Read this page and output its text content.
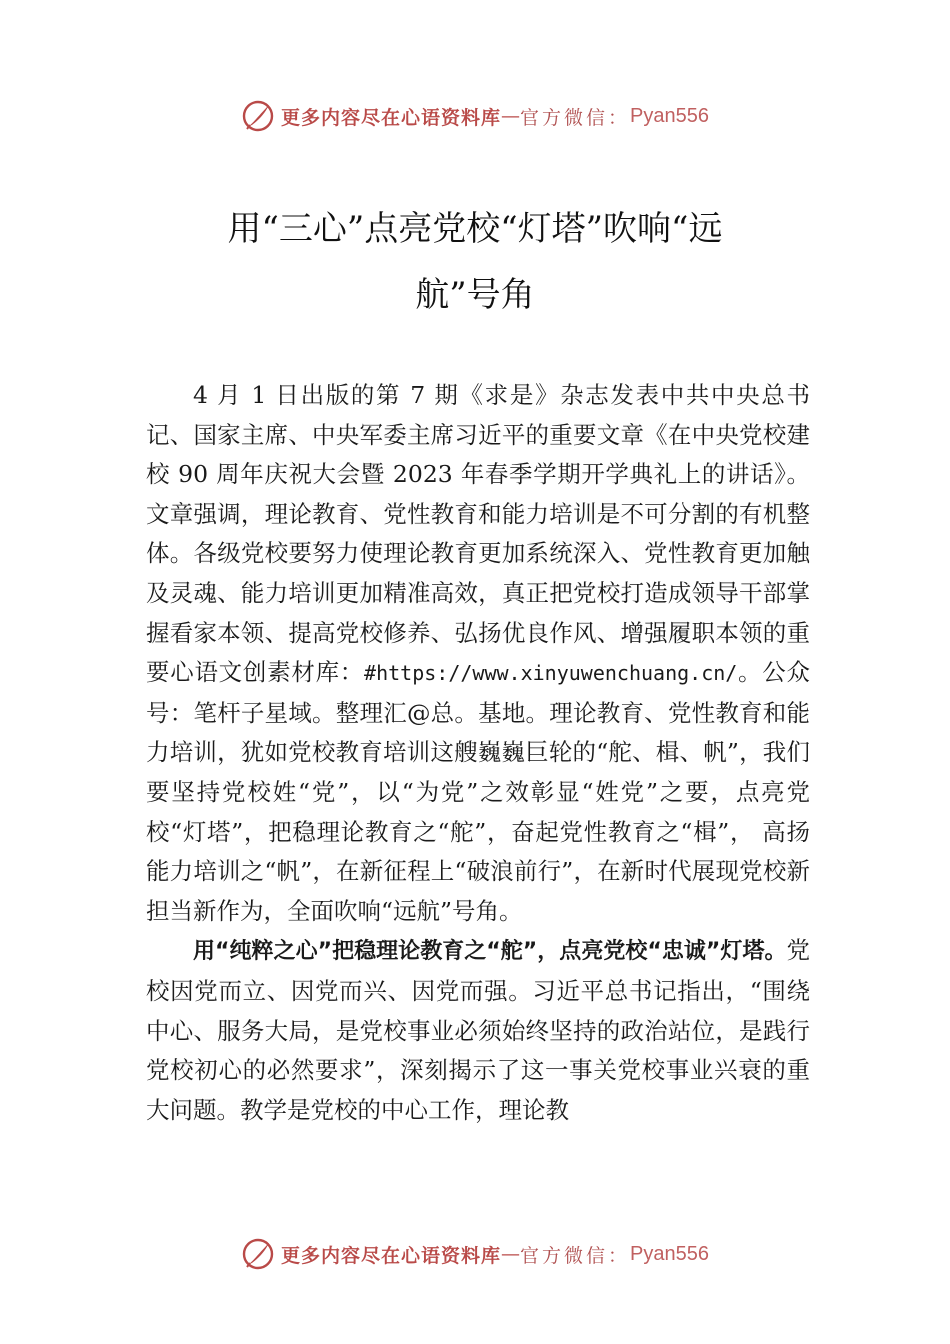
更多内容尽在心语资料库 — 官方微信： Pyan556
用“三心”点亮党校“灯塔”吹响“远
航”号角

4 月 1 日出版的第 7 期《求是》杂志发表中共中央总书记、国家主席、中央军委主席习近平的重要文章《在中央党校建校 90 周年庆祝大会暨 2023 年春季学期开学典礼上的讲话》。文章强调，理论教育、党性教育和能力培训是不可分割的有机整体。各级党校要努力使理论教育更加系统深入、党性教育更加触及灵魂、能力培训更加精准高效，真正把党校打造成领导干部掌握看家本领、提高党校修养、弘扬优良作风、增强履职本领的重要心语文创素材库：#https://www.xinyuwenchuang.cn/。公众号：笔杆子星域。整理汇@总。基地。理论教育、党性教育和能力培训，犹如党校教育培训这艘巍巍巨轮的“舵、楫、帆”，我们要坚持党校姓“党”，以“为党”之效彰显“姓党”之要，点亮党校“灯塔”，把稳理论教育之“舵”，奋起党性教育之“楫”， 高扬能力培训之“帆”，在新征程上“破浪前行”，在新时代展现党校新担当新作为，全面吹响“远航”号角。

用“纯粹之心”把稳理论教育之“舵”，点亮党校“忠诚”灯塔。党校因党而立、因党而兴、因党而强。习近平总书记指出，“围绕中心、服务大局，是党校事业必须始终坚持的政治站位，是践行党校初心的必然要求”，深刻揭示了这一事关党校事业兴衰的重大问题。教学是党校的中心工作，理论教

更多内容尽在心语资料库 — 官方微信： Pyan556
